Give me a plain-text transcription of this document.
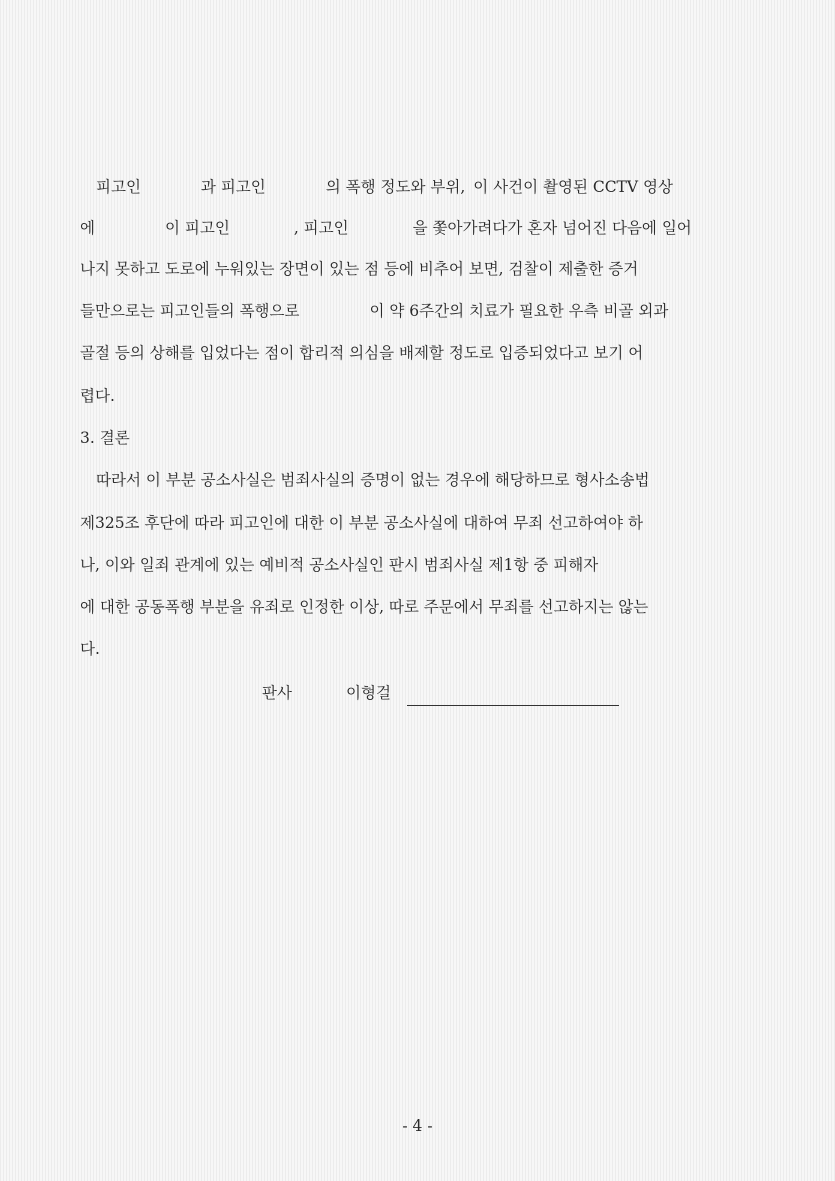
피고인	과 피고인	의 폭행 정도와 부위, 이 사건이 촬영된 CCTV 영상
에	이 피고인	, 피고인	을 쫓아가려다가 혼자 넘어진 다음에 일어
나지 못하고 도로에 누워있는 장면이 있는 점 등에 비추어 보면, 검찰이 제출한 증거
들만으로는 피고인들의 폭행으로	이 약 6주간의 치료가 필요한 우측 비골 외과
골절 등의 상해를 입었다는 점이 합리적 의심을 배제할 정도로 입증되었다고 보기 어
렵다.
3. 결론
따라서 이 부분 공소사실은 범죄사실의 증명이 없는 경우에 해당하므로 형사소송법
제325조 후단에 따라 피고인에 대한 이 부분 공소사실에 대하여 무죄 선고하여야 하
나, 이와 일죄 관계에 있는 예비적 공소사실인 판시 범죄사실 제1항 중 피해자
에 대한 공동폭행 부분을 유죄로 인정한 이상, 따로 주문에서 무죄를 선고하지는 않는
다.
판사	이형걸
- 4 -
